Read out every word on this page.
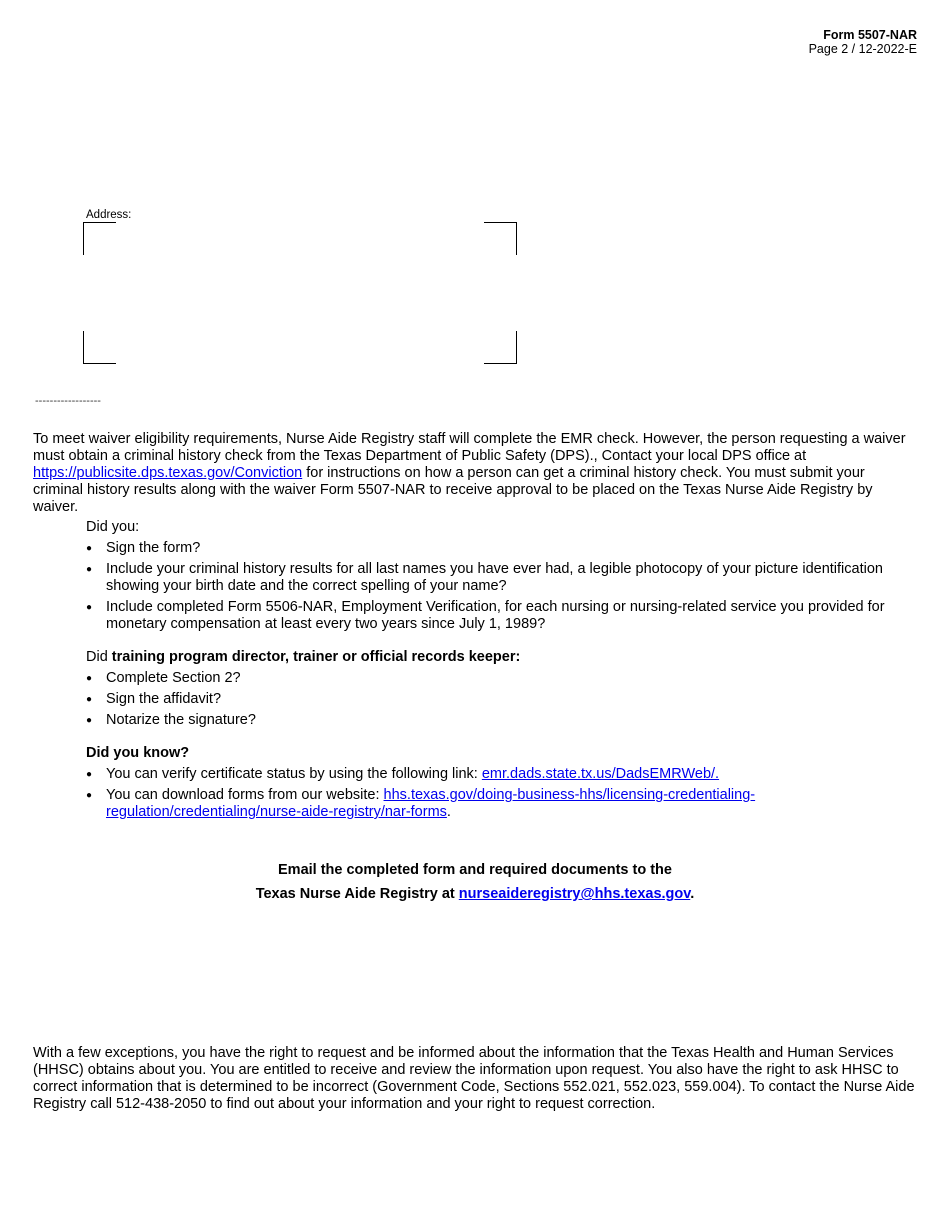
Form 5507-NAR
Page 2 / 12-2022-E
Address:
------------------
To meet waiver eligibility requirements, Nurse Aide Registry staff will complete the EMR check. However, the person requesting a waiver must obtain a criminal history check from the Texas Department of Public Safety (DPS)., Contact your local DPS office at https://publicsite.dps.texas.gov/Conviction for instructions on how a person can get a criminal history check. You must submit your criminal history results along with the waiver Form 5507-NAR to receive approval to be placed on the Texas Nurse Aide Registry by waiver.
Did you:
● Sign the form?
● Include your criminal history results for all last names you have ever had, a legible photocopy of your picture identification showing your birth date and the correct spelling of your name?
● Include completed Form 5506-NAR, Employment Verification, for each nursing or nursing-related service you provided for monetary compensation at least every two years since July 1, 1989?
Did training program director, trainer or official records keeper:
● Complete Section 2?
● Sign the affidavit?
● Notarize the signature?
Did you know?
● You can verify certificate status by using the following link: emr.dads.state.tx.us/DadsEMRWeb/.
● You can download forms from our website: hhs.texas.gov/doing-business-hhs/licensing-credentialing-regulation/credentialing/nurse-aide-registry/nar-forms.
Email the completed form and required documents to the
Texas Nurse Aide Registry at nurseaideregistry@hhs.texas.gov.
With a few exceptions, you have the right to request and be informed about the information that the Texas Health and Human Services (HHSC) obtains about you. You are entitled to receive and review the information upon request. You also have the right to ask HHSC to correct information that is determined to be incorrect (Government Code, Sections 552.021, 552.023, 559.004). To contact the Nurse Aide Registry call 512-438-2050 to find out about your information and your right to request correction.
